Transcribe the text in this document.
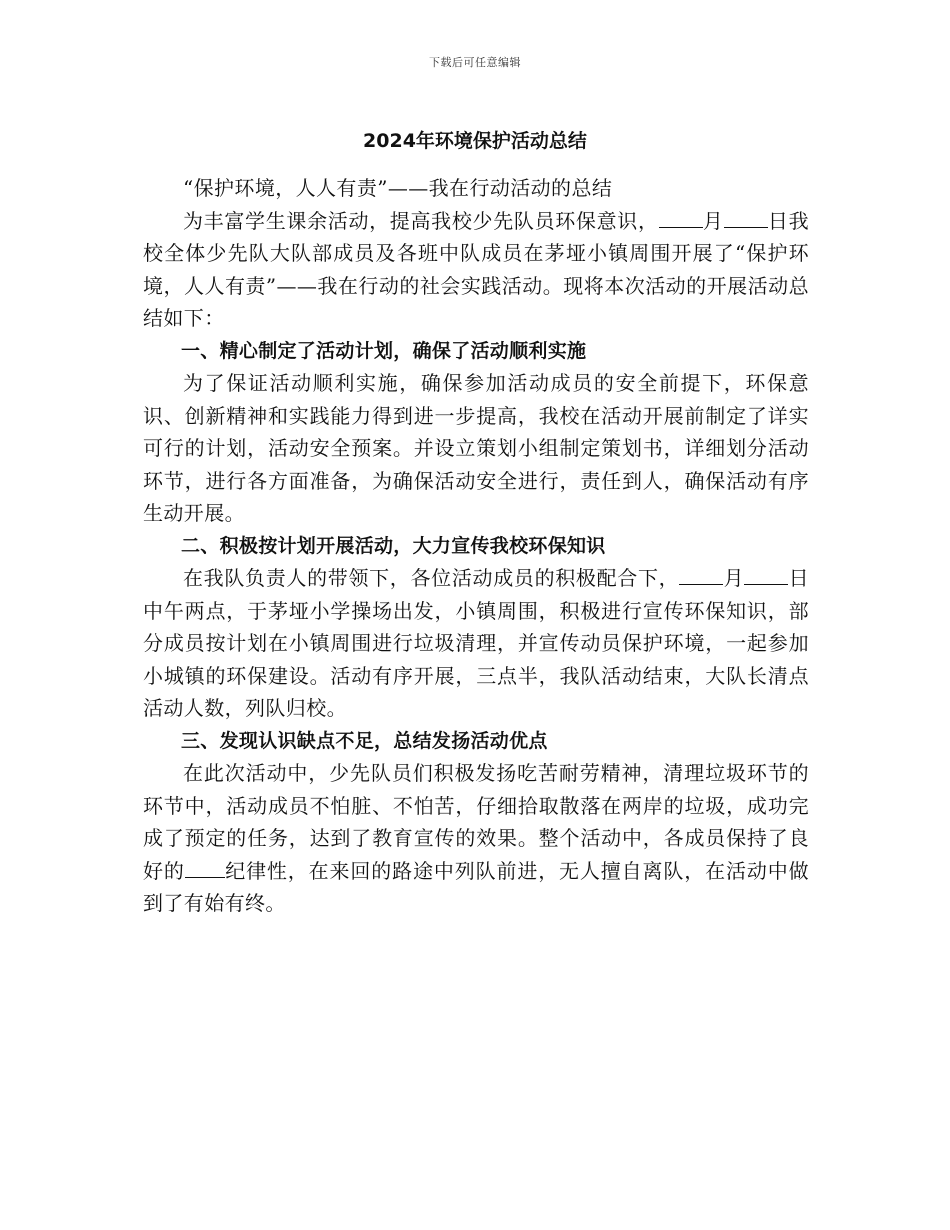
下载后可任意编辑
2024年环境保护活动总结

“保护环境，人人有责”——我在行动活动的总结

为丰富学生课余活动，提高我校少先队员环保意识， 月 日我校全体少先队大队部成员及各班中队成员在茅垭小镇周围开展了“保护环境，人人有责”——我在行动的社会实践活动。现将本次活动的开展活动总结如下：

一、精心制定了活动计划，确保了活动顺利实施

为了保证活动顺利实施，确保参加活动成员的安全前提下，环保意识、创新精神和实践能力得到进一步提高，我校在活动开展前制定了详实可行的计划，活动安全预案。并设立策划小组制定策划书，详细划分活动环节，进行各方面准备，为确保活动安全进行，责任到人，确保活动有序生动开展。

二、积极按计划开展活动，大力宣传我校环保知识

在我队负责人的带领下，各位活动成员的积极配合下， 月 日中午两点，于茅垭小学操场出发，小镇周围，积极进行宣传环保知识，部分成员按计划在小镇周围进行垃圾清理，并宣传动员保护环境，一起参加小城镇的环保建设。活动有序开展，三点半，我队活动结束，大队长清点活动人数，列队归校。

三、发现认识缺点不足，总结发扬活动优点

在此次活动中，少先队员们积极发扬吃苦耐劳精神，清理垃圾环节的环节中，活动成员不怕脏、不怕苦，仔细拾取散落在两岸的垃圾，成功完成了预定的任务，达到了教育宣传的效果。整个活动中，各成员保持了良好的 纪律性，在来回的路途中列队前进，无人擅自离队，在活动中做到了有始有终。
